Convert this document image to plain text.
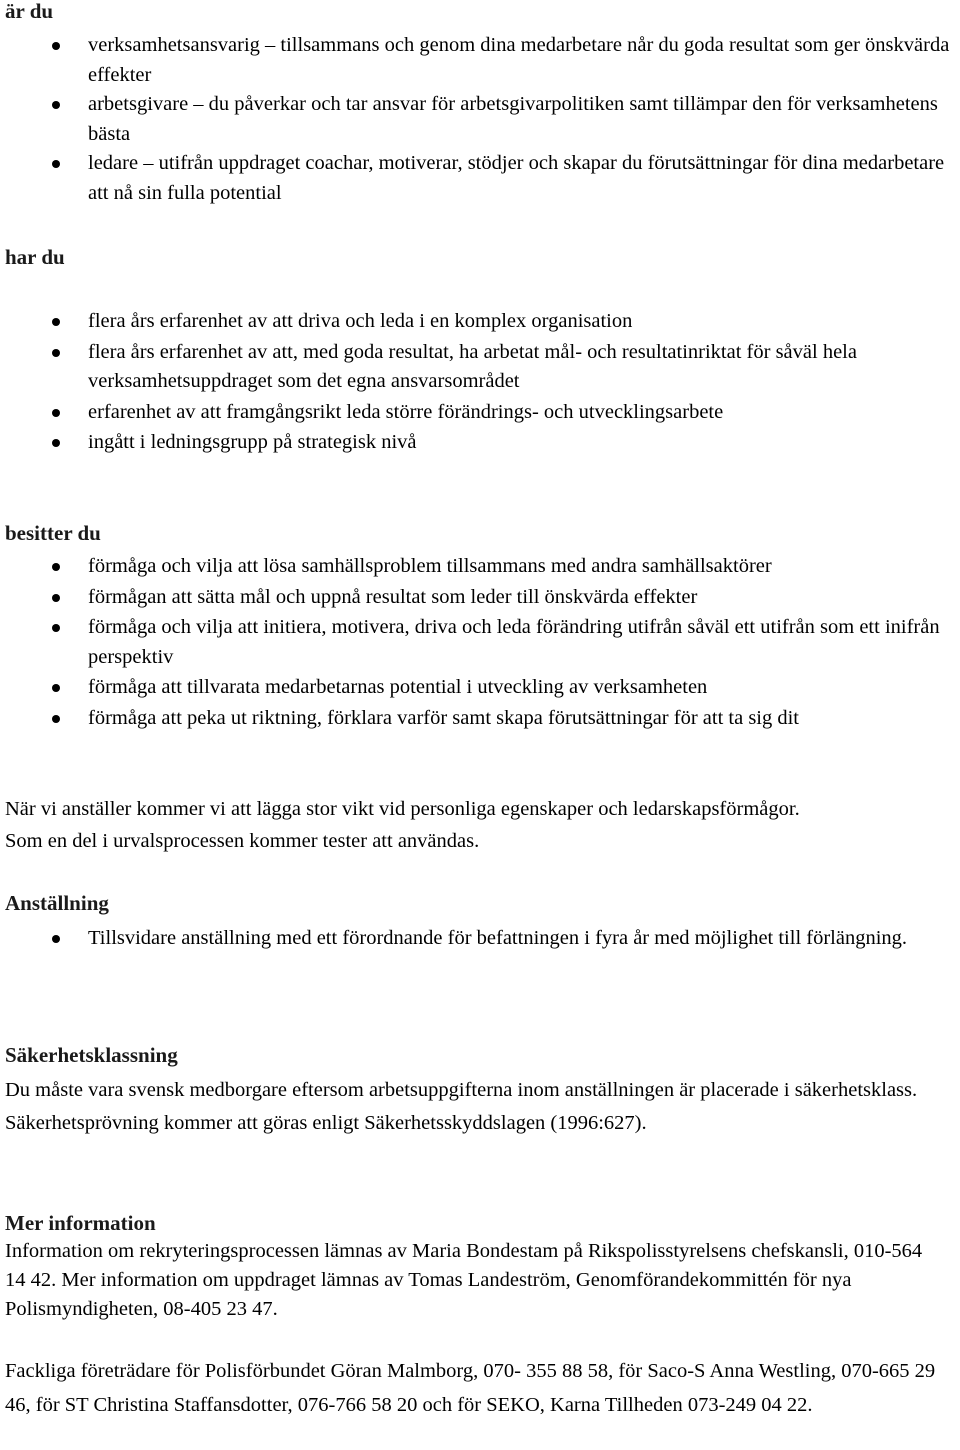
är du
verksamhetsansvarig – tillsammans och genom dina medarbetare når du goda resultat som ger önskvärda effekter
arbetsgivare – du påverkar och tar ansvar för arbetsgivarpolitiken samt tillämpar den för verksamhetens bästa
ledare – utifrån uppdraget coachar, motiverar, stödjer och skapar du förutsättningar för dina medarbetare att nå sin fulla potential
har du
flera års erfarenhet av att driva och leda i en komplex organisation
flera års erfarenhet av att, med goda resultat, ha arbetat mål- och resultatinriktat för såväl hela verksamhetsuppdraget som det egna ansvarsområdet
erfarenhet av att framgångsrikt leda större förändrings- och utvecklingsarbete
ingått i ledningsgrupp på strategisk nivå
besitter du
förmåga och vilja att lösa samhällsproblem tillsammans med andra samhällsaktörer
förmågan att sätta mål och uppnå resultat som leder till önskvärda effekter
förmåga och vilja att initiera, motivera, driva och leda förändring utifrån såväl ett utifrån som ett inifrån perspektiv
förmåga att tillvarata medarbetarnas potential i utveckling av verksamheten
förmåga att peka ut riktning, förklara varför samt skapa förutsättningar för att ta sig dit

När vi anställer kommer vi att lägga stor vikt vid personliga egenskaper och ledarskapsförmågor. Som en del i urvalsprocessen kommer tester att användas.

Anställning
Tillsvidare anställning med ett förordnande för befattningen i fyra år med möjlighet till förlängning.
Säkerhetsklassning

Du måste vara svensk medborgare eftersom arbetsuppgifterna inom anställningen är placerade i säkerhetsklass. Säkerhetsprövning kommer att göras enligt Säkerhetsskyddslagen (1996:627).

Mer information

Information om rekryteringsprocessen lämnas av Maria Bondestam på Rikspolisstyrelsens chefskansli, 010-564 14 42. Mer information om uppdraget lämnas av Tomas Landeström, Genomförandekommittén för nya Polismyndigheten, 08-405 23 47.

Fackliga företrädare för Polisförbundet Göran Malmborg, 070- 355 88 58, för Saco-S Anna Westling, 070-665 29 46, för ST Christina Staffansdotter, 076-766 58 20 och för SEKO, Karna Tillheden 073-249 04 22.
